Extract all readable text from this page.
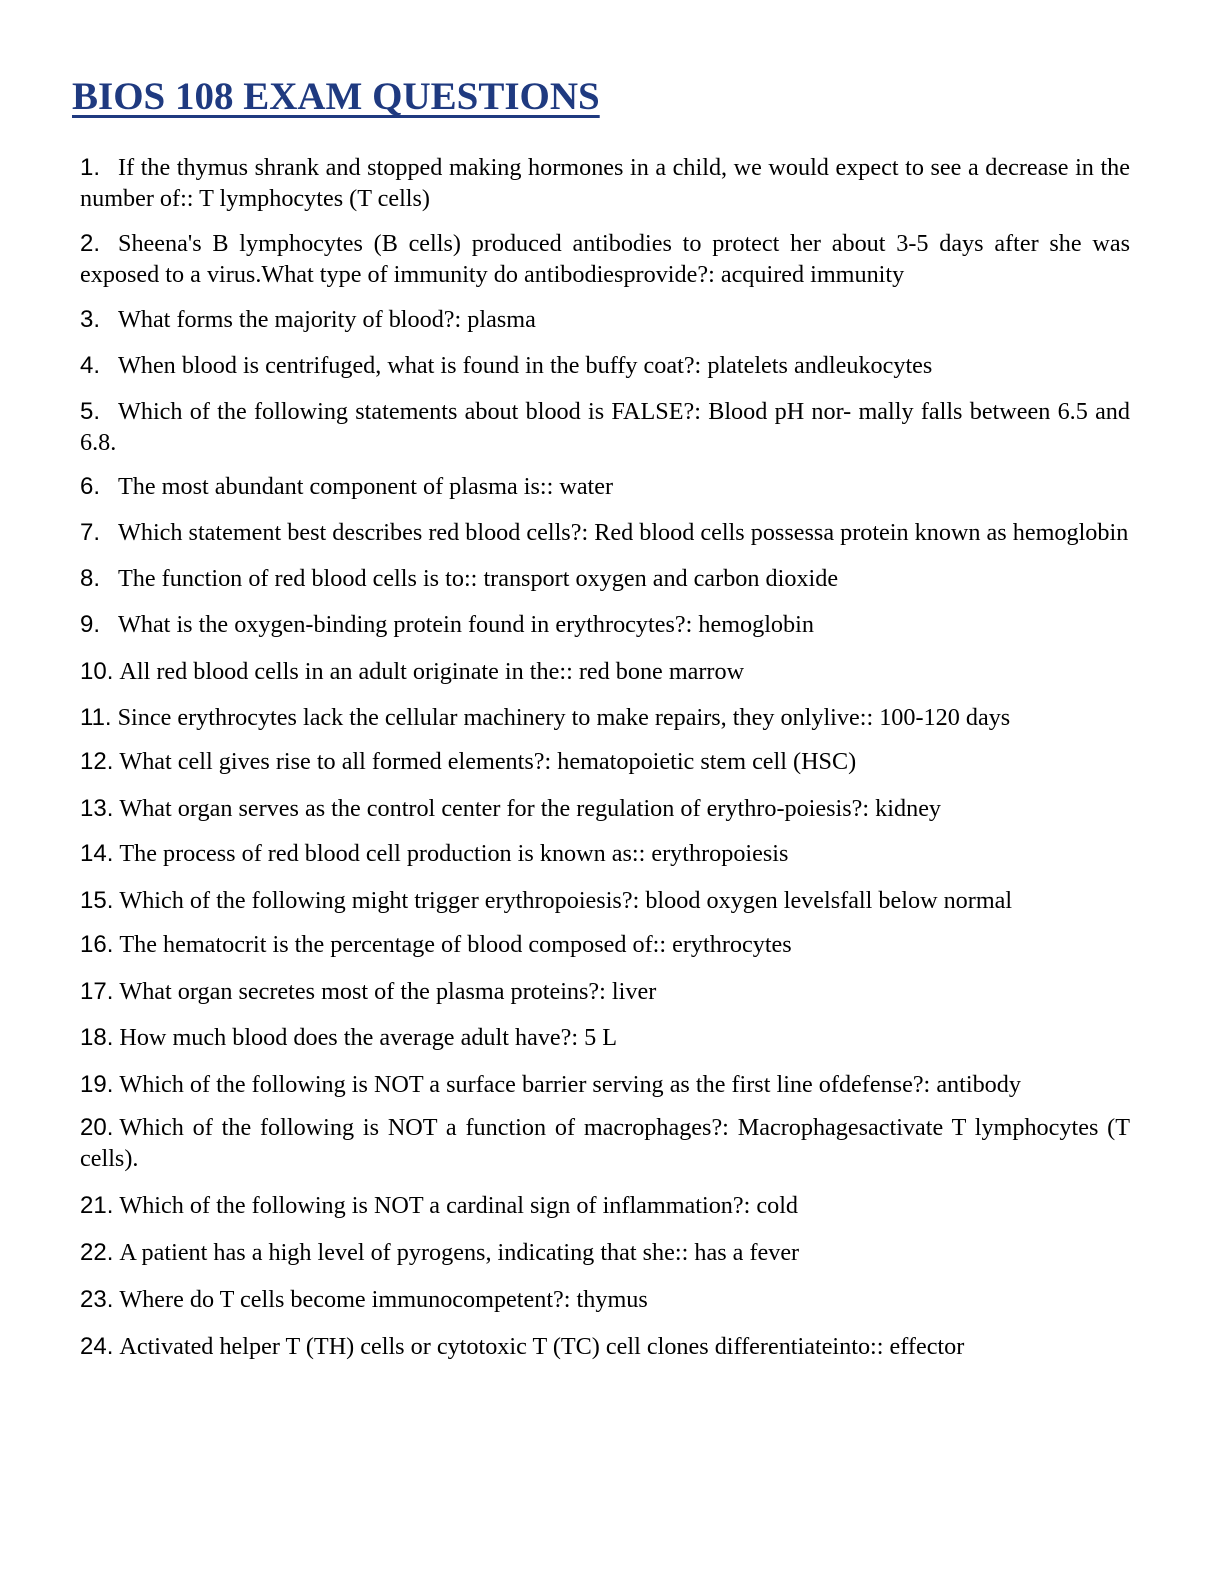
BIOS 108 EXAM QUESTIONS

1. If the thymus shrank and stopped making hormones in a child, we would expect to see a decrease in the number of:: T lymphocytes (T cells)

2. Sheena's B lymphocytes (B cells) produced antibodies to protect her about 3-5 days after she was exposed to a virus.What type of immunity do antibodiesprovide?: acquired immunity

3. What forms the majority of blood?: plasma

4. When blood is centrifuged, what is found in the buffy coat?: platelets andleukocytes

5. Which of the following statements about blood is FALSE?: Blood pH nor- mally falls between 6.5 and 6.8.

6. The most abundant component of plasma is:: water

7. Which statement best describes red blood cells?: Red blood cells possessa protein known as hemoglobin

8. The function of red blood cells is to:: transport oxygen and carbon dioxide

9. What is the oxygen-binding protein found in erythrocytes?: hemoglobin

10. All red blood cells in an adult originate in the:: red bone marrow

11. Since erythrocytes lack the cellular machinery to make repairs, they onlylive:: 100-120 days

12. What cell gives rise to all formed elements?: hematopoietic stem cell (HSC)

13. What organ serves as the control center for the regulation of erythro-poiesis?: kidney

14. The process of red blood cell production is known as:: erythropoiesis

15. Which of the following might trigger erythropoiesis?: blood oxygen levelsfall below normal

16. The hematocrit is the percentage of blood composed of:: erythrocytes

17. What organ secretes most of the plasma proteins?: liver

18. How much blood does the average adult have?: 5 L

19. Which of the following is NOT a surface barrier serving as the first line ofdefense?: antibody

20. Which of the following is NOT a function of macrophages?: Macrophagesactivate T lymphocytes (T cells).

21. Which of the following is NOT a cardinal sign of inflammation?: cold

22. A patient has a high level of pyrogens, indicating that she:: has a fever

23. Where do T cells become immunocompetent?: thymus

24. Activated helper T (TH) cells or cytotoxic T (TC) cell clones differentiateinto:: effector
